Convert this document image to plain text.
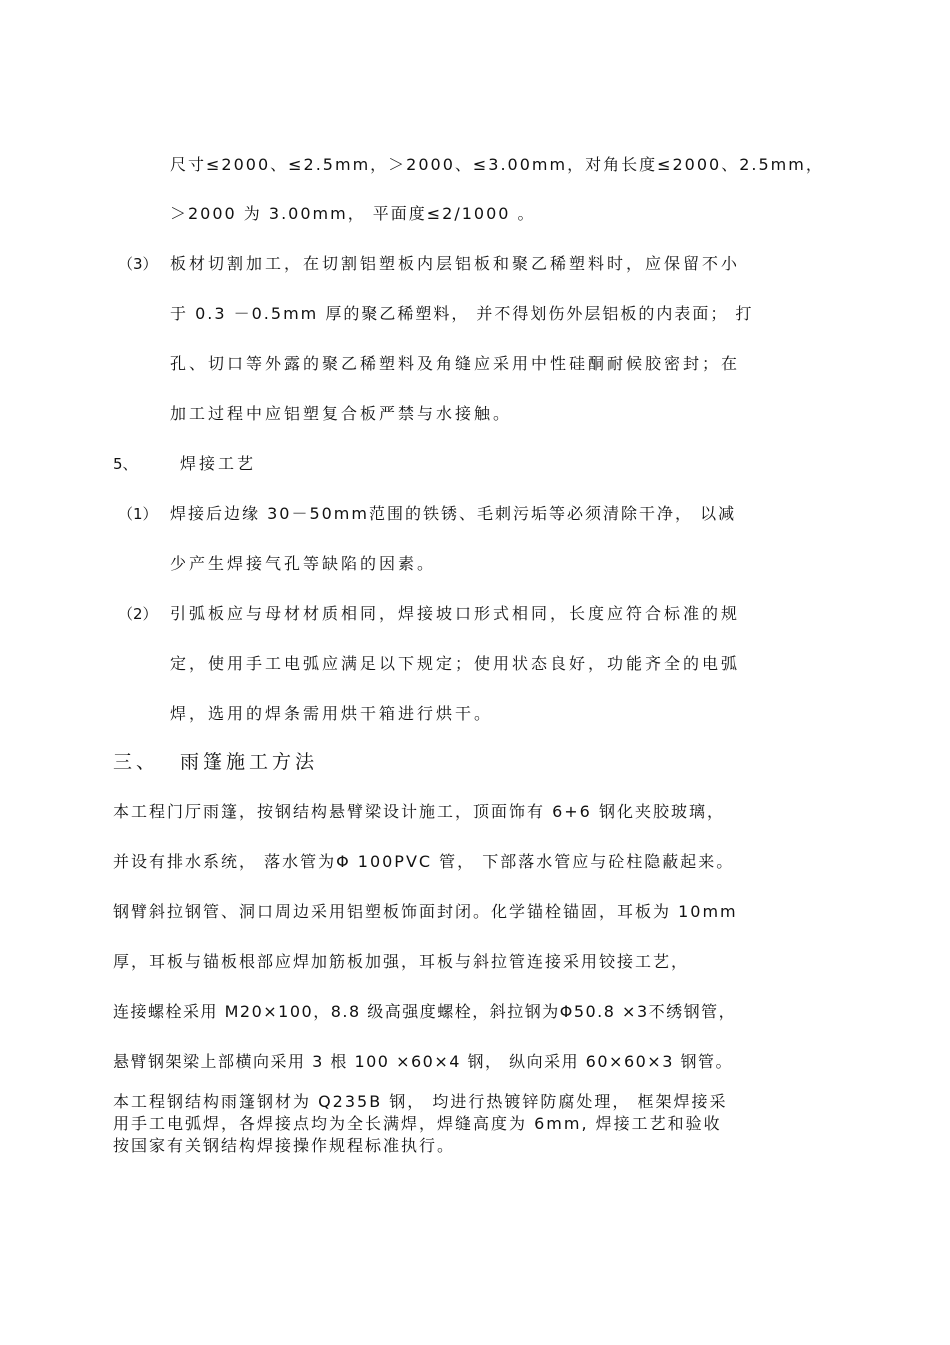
尺寸≤2000、≤2.5mm，＞2000、≤3.00mm，对角长度≤2000、2.5mm，
＞2000 为 3.00mm， 平面度≤2/1000 。
（3） 板材切割加工，在切割铝塑板内层铝板和聚乙稀塑料时，应保留不小
于 0.3 －0.5mm 厚的聚乙稀塑料， 并不得划伤外层铝板的内表面； 打
孔、切口等外露的聚乙稀塑料及角缝应采用中性硅酮耐候胶密封；在
加工过程中应铝塑复合板严禁与水接触。
5、	焊接工艺
（1） 焊接后边缘 30－50mm范围的铁锈、毛刺污垢等必须清除干净， 以减
少产生焊接气孔等缺陷的因素。
（2） 引弧板应与母材材质相同，焊接坡口形式相同，长度应符合标准的规
定，使用手工电弧应满足以下规定；使用状态良好，功能齐全的电弧
焊，选用的焊条需用烘干箱进行烘干。
三、 雨篷施工方法
本工程门厅雨篷，按钢结构悬臂梁设计施工，顶面饰有 6+6 钢化夹胶玻璃，
并设有排水系统， 落水管为Φ 100PVC 管， 下部落水管应与砼柱隐蔽起来。
钢臂斜拉钢管、洞口周边采用铝塑板饰面封闭。化学锚栓锚固，耳板为 10mm
厚，耳板与锚板根部应焊加筋板加强，耳板与斜拉管连接采用铰接工艺，
连接螺栓采用 M20×100，8.8 级高强度螺栓，斜拉钢为Φ50.8 ×3不绣钢管，
悬臂钢架梁上部横向采用 3 根 100 ×60×4 钢， 纵向采用 60×60×3 钢管。
本工程钢结构雨篷钢材为 Q235B 钢， 均进行热镀锌防腐处理， 框架焊接采
用手工电弧焊，各焊接点均为全长满焊，焊缝高度为 6mm, 焊接工艺和验收
按国家有关钢结构焊接操作规程标准执行。
